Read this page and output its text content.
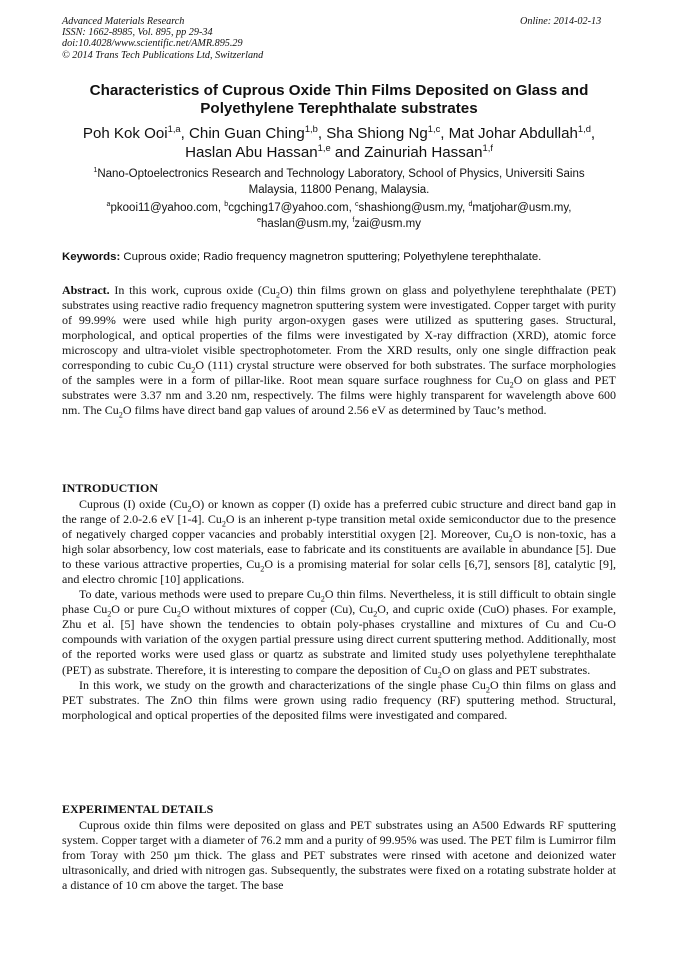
Advanced Materials Research
ISSN: 1662-8985, Vol. 895, pp 29-34
doi:10.4028/www.scientific.net/AMR.895.29
© 2014 Trans Tech Publications Ltd, Switzerland
Online: 2014-02-13
Characteristics of Cuprous Oxide Thin Films Deposited on Glass and
Polyethylene Terephthalate substrates
Poh Kok Ooi$^{1,a}$, Chin Guan Ching$^{1,b}$, Sha Shiong Ng$^{1,c}$, Mat Johar Abdullah$^{1,d}$,
Haslan Abu Hassan$^{1,e}$ and Zainuriah Hassan$^{1,f}$
$^1$Nano-Optoelectronics Research and Technology Laboratory, School of Physics, Universiti Sains
Malaysia, 11800 Penang, Malaysia.
$^a$pkooi11@yahoo.com, $^b$cgching17@yahoo.com, $^c$shashiong@usm.my, $^d$matjohar@usm.my,
$^e$haslan@usm.my, $^f$zai@usm.my
Keywords: Cuprous oxide; Radio frequency magnetron sputtering; Polyethylene terephthalate.

Abstract. In this work, cuprous oxide $(Cu_2O)$ thin films grown on glass and polyethylene terephthalate (PET) substrates using reactive radio frequency magnetron sputtering system were investigated. Copper target with purity of 99.99% were used while high purity argon-oxygen gases were utilized as sputtering gases. Structural, morphological, and optical properties of the films were investigated by X-ray diffraction (XRD), atomic force microscopy and ultra-violet visible spectrophotometer. From the XRD results, only one single diffraction peak corresponding to cubic $Cu_2O$ (111) crystal structure were observed for both substrates. The surface morphologies of the samples were in a form of pillar-like. Root mean square surface roughness for $Cu_2O$ on glass and PET substrates were 3.37 nm and 3.20 nm, respectively. The films were highly transparent for wavelength above 600 nm. The $Cu_2O$ films have direct band gap values of around 2.56 eV as determined by Tauc’s method.

INTRODUCTION

Cuprous (I) oxide $(Cu_2O)$ or known as copper (I) oxide has a preferred cubic structure and direct band gap in the range of 2.0-2.6 eV [1-4]. $Cu_2O$ is an inherent p-type transition metal oxide semiconductor due to the presence of negatively charged copper vacancies and probably interstitial oxygen [2]. Moreover, $Cu_2O$ is non-toxic, has a high solar absorbency, low cost materials, ease to fabricate and its constituents are available in abundance [5]. Due to these various attractive properties, $Cu_2O$ is a promising material for solar cells [6,7], sensors [8], catalytic [9], and electro chromic [10] applications.

To date, various methods were used to prepare $Cu_2O$ thin films. Nevertheless, it is still difficult to obtain single phase $Cu_2O$ or pure $Cu_2O$ without mixtures of copper (Cu), $Cu_2O$, and cupric oxide (CuO) phases. For example, Zhu et al. [5] have shown the tendencies to obtain poly-phases crystalline and mixtures of Cu and Cu-O compounds with variation of the oxygen partial pressure using direct current sputtering method. Additionally, most of the reported works were used glass or quartz as substrate and limited study uses polyethylene terephthalate (PET) as substrate. Therefore, it is interesting to compare the deposition of $Cu_2O$ on glass and PET substrates.

In this work, we study on the growth and characterizations of the single phase $Cu_2O$ thin films on glass and PET substrates. The ZnO thin films were grown using radio frequency (RF) sputtering method. Structural, morphological and optical properties of the deposited films were investigated and compared.

EXPERIMENTAL DETAILS

Cuprous oxide thin films were deposited on glass and PET substrates using an A500 Edwards RF sputtering system. Copper target with a diameter of 76.2 mm and a purity of 99.95% was used. The PET film is Lumirror film from Toray with 250 µm thick. The glass and PET substrates were rinsed with acetone and deionized water ultrasonically, and dried with nitrogen gas. Subsequently, the substrates were fixed on a rotating substrate holder at a distance of 10 cm above the target. The base
